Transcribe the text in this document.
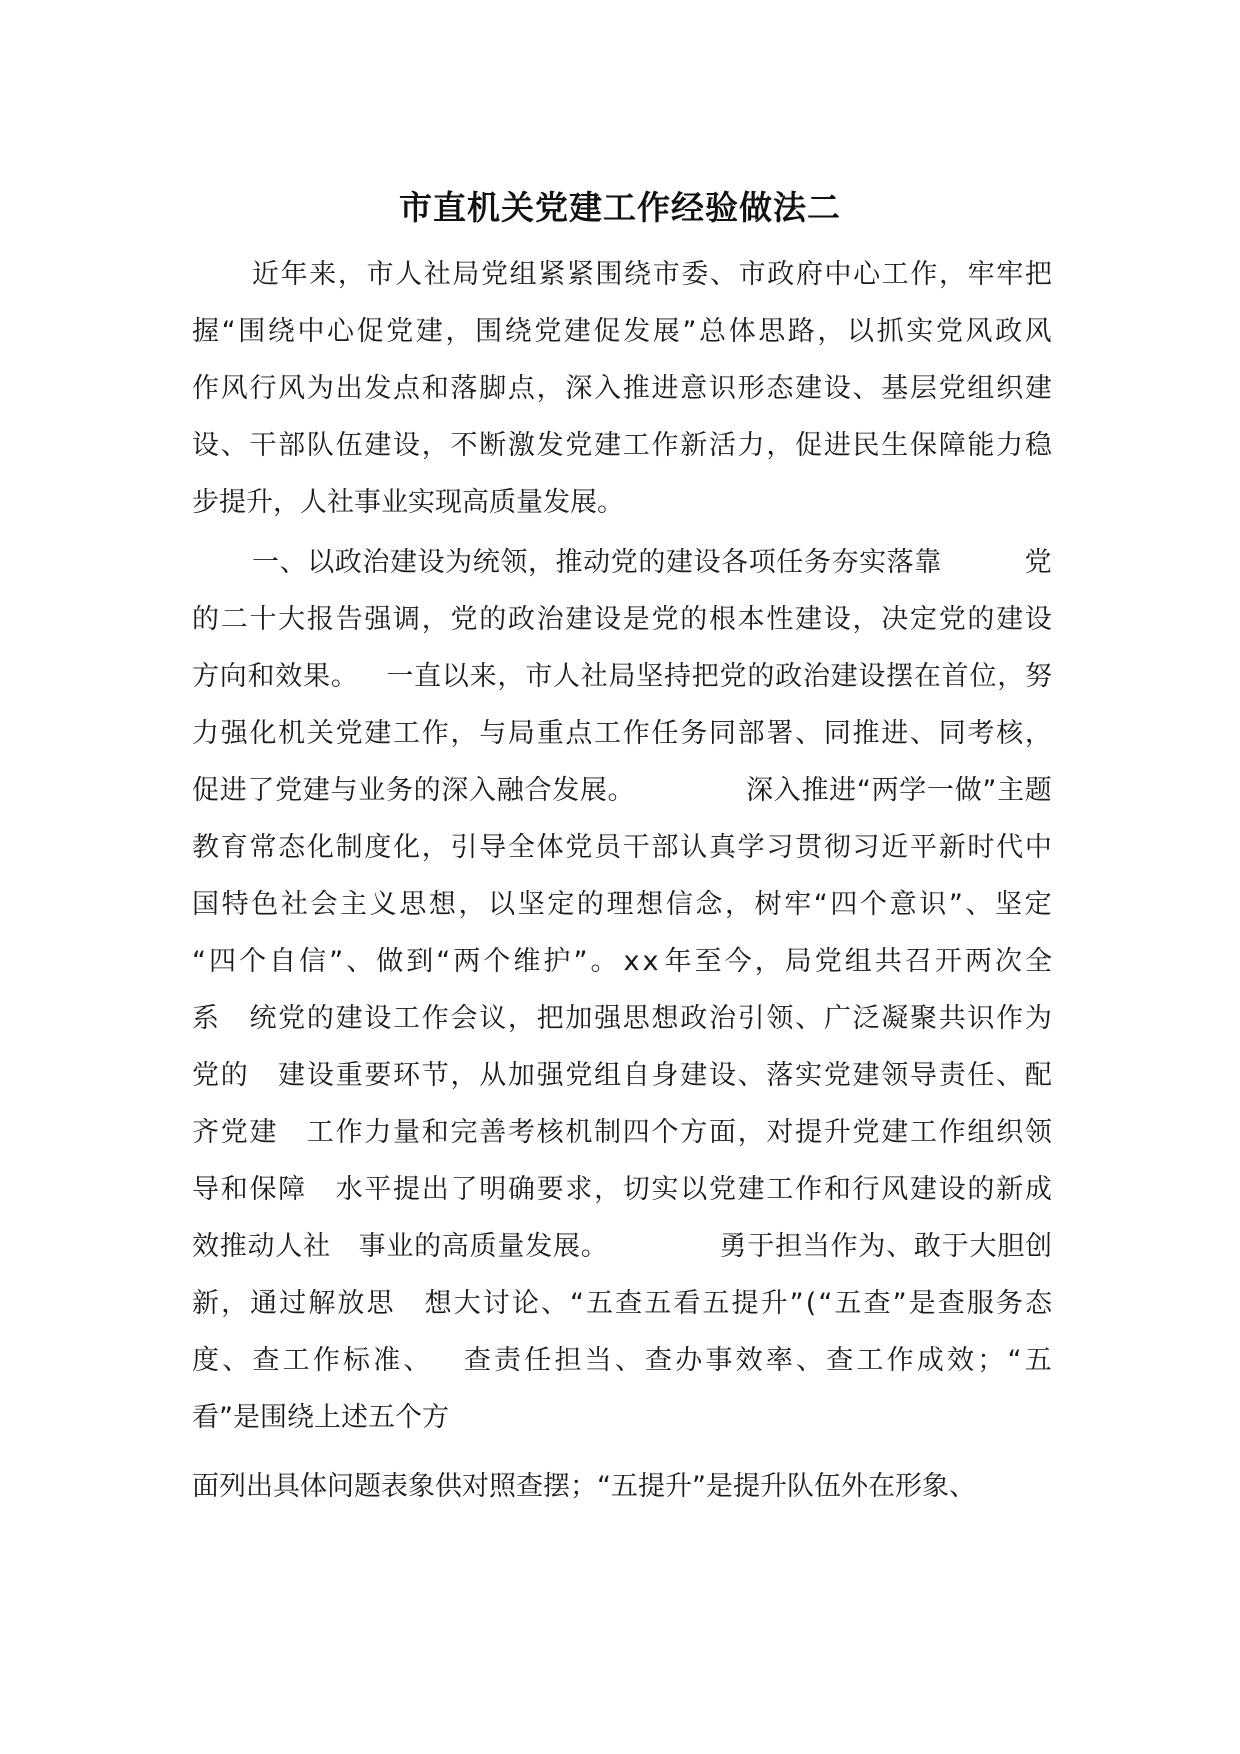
市直机关党建工作经验做法二
近 年 来 ， 市 人 社 局 党 组 紧 紧 围 绕 市 委 、 市 政 府 中 心 工 作 ， 牢 牢 把
握 “ 围 绕 中 心 促 党 建 ， 围 绕 党 建 促 发 展 ” 总 体 思 路 ， 以 抓 实 党 风 政 风
作 风 行 风 为 出 发 点 和 落 脚 点 ， 深 入 推 进 意 识 形 态 建 设 、 基 层 党 组 织 建
设 、 干 部 队 伍 建 设 ， 不 断 激 发 党 建 工 作 新 活 力 ， 促 进 民 生 保 障 能 力 稳
步提升，人社事业实现高质量发展。
一 、 以 政 治 建 设 为 统 领 ， 推 动 党 的 建 设 各 项 任 务 夯 实 落 靠

　	党
的 二 十 大 报 告 强 调 ， 党 的 政 治 建 设 是 党 的 根 本 性 建 设 ， 决 定 党 的 建 设
方 向 和 效 果 。
　 一 直 以 来 ， 市 人 社 局 坚 持 把 党 的 政 治 建 设 摆 在 首 位 ， 努
力 强 化 机 关 党 建 工 作 ， 与 局 重 点 工 作 任 务 同 部 署 、 同 推 进 、 同 考 核 ，
促 进 了 党 建 与 业 务 的 深 入 融 合 发 展 。

　	深 入 推 进 “ 两 学 一 做 ” 主 题
教 育 常 态 化 制 度 化 ， 引 导 全 体 党 员 干 部 认 真 学 习 贯 彻 习 近 平 新 时 代 中
国 特 色 社 会 主 义 思 想 ， 以 坚 定 的 理 想 信 念 ， 树 牢 “ 四 个 意 识 ” 、 坚 定
“ 四 个 自 信 ” 、 做 到 “ 两 个 维 护 ” 。 x x 年 至 今 ， 局 党 组 共 召 开 两 次 全
系
　 统 党 的 建 设 工 作 会 议 ， 把 加 强 思 想 政 治 引 领 、 广 泛 凝 聚 共 识 作 为
党 的
　 建 设 重 要 环 节 ， 从 加 强 党 组 自 身 建 设 、 落 实 党 建 领 导 责 任 、 配
齐 党 建
　 工 作 力 量 和 完 善 考 核 机 制 四 个 方 面 ， 对 提 升 党 建 工 作 组 织 领
导 和 保 障
　 水 平 提 出 了 明 确 要 求 ， 切 实 以 党 建 工 作 和 行 风 建 设 的 新 成
效 推 动 人 社
　 事 业 的 高 质 量 发 展 。

　	勇 于 担 当 作 为 、 敢 于 大 胆 创
新 ， 通 过 解 放 思
　 想 大 讨 论 、 “ 五 查 五 看 五 提 升 ” ( “ 五 查 ” 是 查 服 务 态
度 、 查 工 作 标 准 、
　 查 责 任 担 当 、 查 办 事 效 率 、 查 工 作 成 效 ； “ 五
看”是围绕上述五个方
面列出具体问题表象供对照查摆；“五提升”是提升队伍外在形象、
